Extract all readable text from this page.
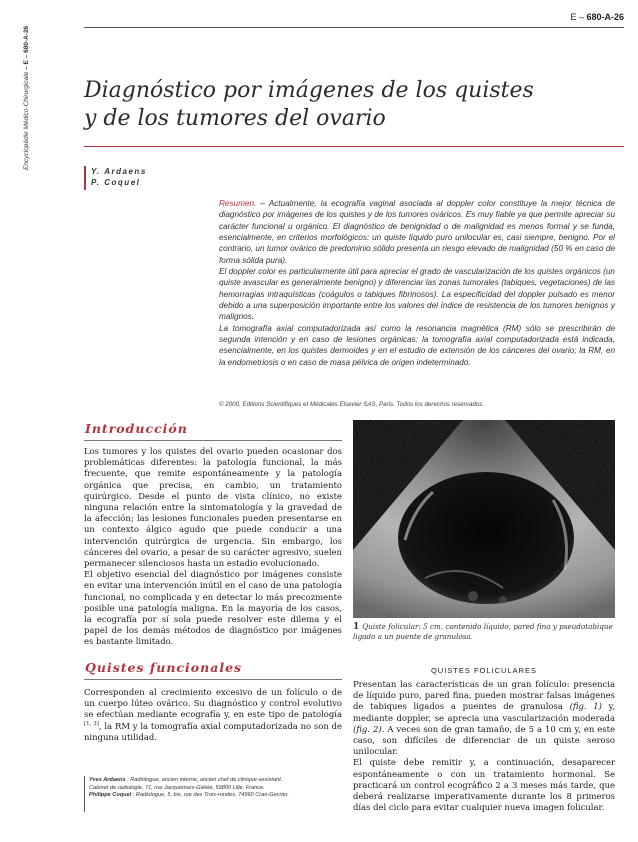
Encyclopédie Médico-Chirurgicale – E – 680-A-26
E – 680-A-26
Diagnóstico por imágenes de los quistes
y de los tumores del ovario
Y. Ardaens
P. Coquel

Resumen. – Actualmente, la ecografía vaginal asociada al doppler color constituye la mejor técnica de diagnóstico por imágenes de los quistes y de los tumores ováricos. Es muy fiable ya que permite apreciar su carácter funcional u orgánico. El diagnóstico de benignidad o de malignidad es menos formal y se funda, esencialmente, en criterios morfológicos: un quiste líquido puro unilocular es, casi siempre, benigno. Por el contrario, un tumor ovárico de predominio sólido presenta un riesgo elevado de malignidad (50 % en caso de forma sólida pura).

El doppler color es particularmente útil para apreciar el grado de vascularización de los quistes orgánicos (un quiste avascular es generalmente benigno) y diferenciar las zonas tumorales (tabiques, vegetaciones) de las hemorragias intraquísticas (coágulos o tabiques fibrinosos). La especificidad del doppler pulsado es menor debido a una superposición importante entre los valores del índice de resistencia de los tumores benignos y malignos.

La tomografía axial computadorizada así como la resonancia magnética (RM) sólo se prescribirán de segunda intención y en caso de lesiones orgánicas: la tomografía axial computadorizada está indicada, esencialmente, en los quistes dermoides y en el estudio de extensión de los cánceres del ovario; la RM, en la endometriosis o en caso de masa pélvica de origen indeterminado.

© 2000, Editions Scientifiques et Médicales Elsevier SAS, Paris. Todos los derechos reservados.
Introducción

Los tumores y los quistes del ovario pueden ocasionar dos problemáticas diferentes: la patología funcional, la más frecuente, que remite espontáneamente y la patología orgánica que precisa, en cambio, un tratamiento quirúrgico. Desde el punto de vista clínico, no existe ninguna relación entre la sintomatología y la gravedad de la afección; las lesiones funcionales pueden presentarse en un contexto álgico agudo que puede conducir a una intervención quirúrgica de urgencia. Sin embargo, los cánceres del ovario, a pesar de su carácter agresivo, suelen permanecer silenciosos hasta un estadio evolucionado.

El objetivo esencial del diagnóstico por imágenes consiste en evitar una intervención inútil en el caso de una patología funcional, no complicada y en detectar lo más precozmente posible una patología maligna. En la mayoría de los casos, la ecografía por sí sola puede resolver este dilema y el papel de los demás métodos de diagnóstico por imágenes es bastante limitado.

1 Quiste folicular: 5 cm, contenido líquido, pared fina y pseudotabique ligado a un puente de granulosa.
Quistes funcionales

Corresponden al crecimiento excesivo de un folículo o de un cuerpo lúteo ovárico. Su diagnóstico y control evolutivo se efectúan mediante ecografía y, en este tipo de patología [1, 3], la RM y la tomografía axial computadorizada no son de ninguna utilidad.

QUISTES FOLICULARES

Presentan las características de un gran folículo: presencia de líquido puro, pared fina, pueden mostrar falsas imágenes de tabiques ligados a puentes de granulosa (fig. 1) y, mediante doppler, se aprecia una vascularización moderada (fig. 2). A veces son de gran tamaño, de 5 a 10 cm y, en este caso, son difíciles de diferenciar de un quiste seroso unilocular.

El quiste debe remitir y, a continuación, desaparecer espontáneamente o con un tratamiento hormonal. Se practicará un control ecográfico 2 a 3 meses más tarde, que deberá realizarse imperativamente durante los 8 primeros días del ciclo para evitar cualquier nueva imagen folicular.

Yves Ardaens : Radiologue, ancien interne, ancien chef de clinique-assistant.
Cabinet de radiologie, 71, rue Jacquemars-Giélée, 59800 Lille, France.
Philippe Coquel : Radiologue, 5, bis, rue des Trois-rondes, 74960 Cran-Gevrier.
